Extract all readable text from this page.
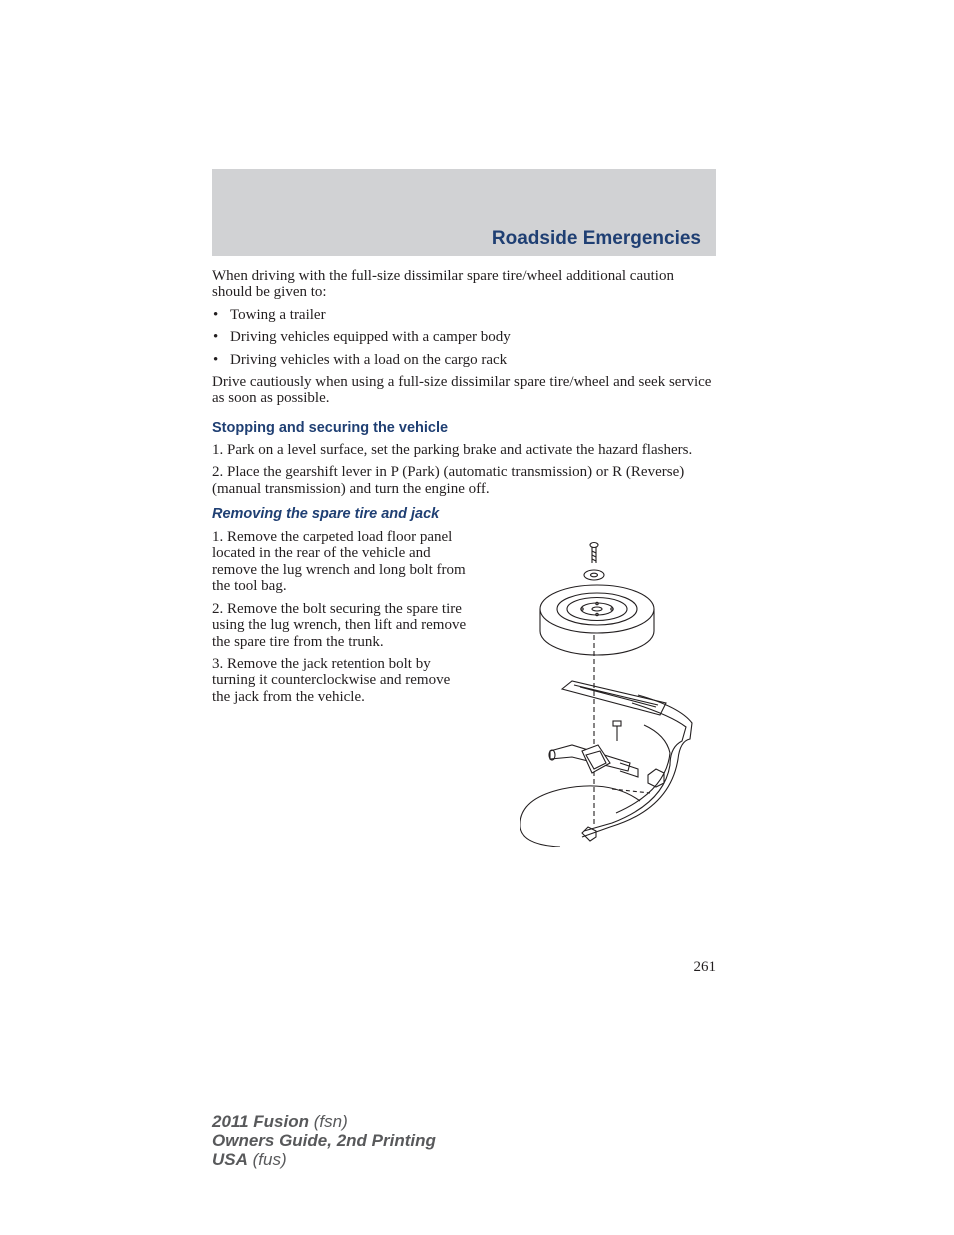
Roadside Emergencies

When driving with the full-size dissimilar spare tire/wheel additional caution should be given to:

• Towing a trailer
• Driving vehicles equipped with a camper body
• Driving vehicles with a load on the cargo rack

Drive cautiously when using a full-size dissimilar spare tire/wheel and seek service as soon as possible.

Stopping and securing the vehicle

1. Park on a level surface, set the parking brake and activate the hazard flashers.

2. Place the gearshift lever in P (Park) (automatic transmission) or R (Reverse) (manual transmission) and turn the engine off.

Removing the spare tire and jack

1. Remove the carpeted load floor panel located in the rear of the vehicle and remove the lug wrench and long bolt from the tool bag.

2. Remove the bolt securing the spare tire using the lug wrench, then lift and remove the spare tire from the trunk.

3. Remove the jack retention bolt by turning it counterclockwise and remove the jack from the vehicle.

261
2011 Fusion (fsn)
Owners Guide, 2nd Printing
USA (fus)
